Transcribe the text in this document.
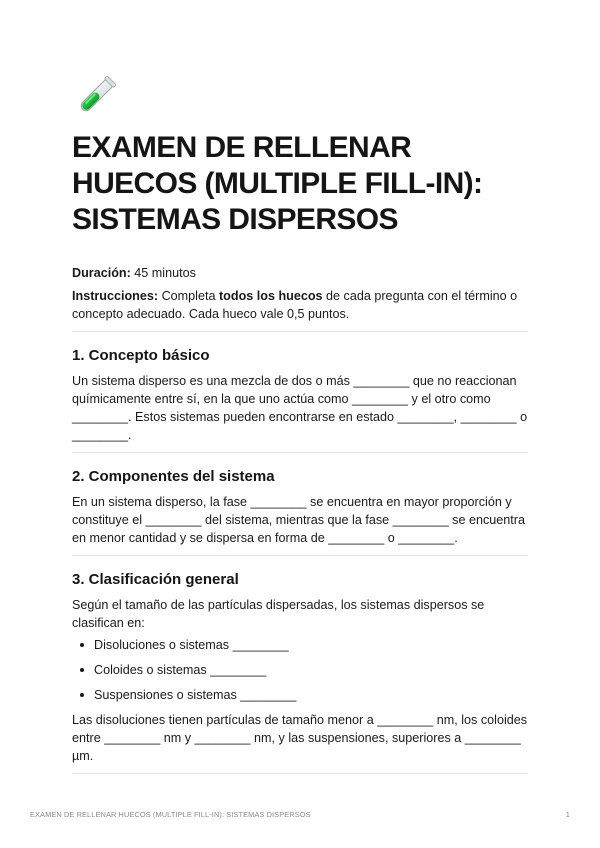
EXAMEN DE RELLENAR HUECOS (MULTIPLE FILL-IN): SISTEMAS DISPERSOS

Duración: 45 minutos

Instrucciones: Completa todos los huecos de cada pregunta con el término o concepto adecuado. Cada hueco vale 0,5 puntos.

1. Concepto básico

Un sistema disperso es una mezcla de dos o más ________ que no reaccionan químicamente entre sí, en la que uno actúa como ________ y el otro como ________. Estos sistemas pueden encontrarse en estado ________, ________ o ________.

2. Componentes del sistema

En un sistema disperso, la fase ________ se encuentra en mayor proporción y constituye el ________ del sistema, mientras que la fase ________ se encuentra en menor cantidad y se dispersa en forma de ________ o ________.

3. Clasificación general

Según el tamaño de las partículas dispersadas, los sistemas dispersos se clasifican en:

Disoluciones o sistemas ________
Coloides o sistemas ________
Suspensiones o sistemas ________

Las disoluciones tienen partículas de tamaño menor a ________ nm, los coloides entre ________ nm y ________ nm, y las suspensiones, superiores a ________ µm.

EXAMEN DE RELLENAR HUECOS (MULTIPLE FILL-IN): SISTEMAS DISPERSOS	1
